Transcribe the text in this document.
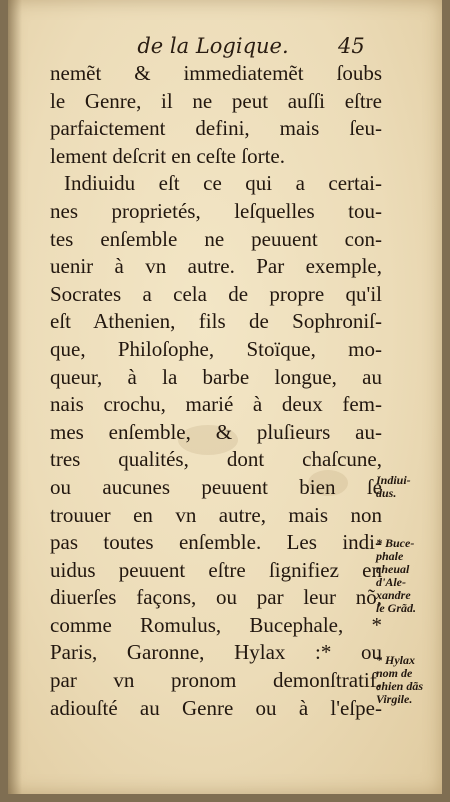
de la Logique.	45
nemẽt & immediatemẽt ſoubs
le Genre, il ne peut auſſi eſtre
parfaictement defini, mais ſeu-
lement deſcrit en ceſte ſorte.
Indiuidu eſt ce qui a certai-
nes proprietés, leſquelles tou-
tes enſemble ne peuuent con-
uenir à vn autre. Par exemple,
Socrates a cela de propre qu'il
eſt Athenien, fils de Sophroniſ-
que, Philoſophe, Stoïque, mo-
queur, à la barbe longue, au
nais crochu, marié à deux fem-
mes enſemble, & pluſieurs au-
tres qualités, dont chaſcune,
ou aucunes peuuent bien ſe
trouuer en vn autre, mais non
pas toutes enſemble. Les indi-
uidus peuuent eſtre ſignifiez en
diuerſes façons, ou par leur nõ,
comme Romulus, Bucephale, *
Paris, Garonne, Hylax :* ou
par vn pronom demonſtratif,
adiouſté au Genre ou à l'eſpe-
Indiui-
dus.
* Buce-
phale
cheual
d'Ale-
xandre
le Grãd.
* Hylax
nom de
chien dãs
Virgile.
